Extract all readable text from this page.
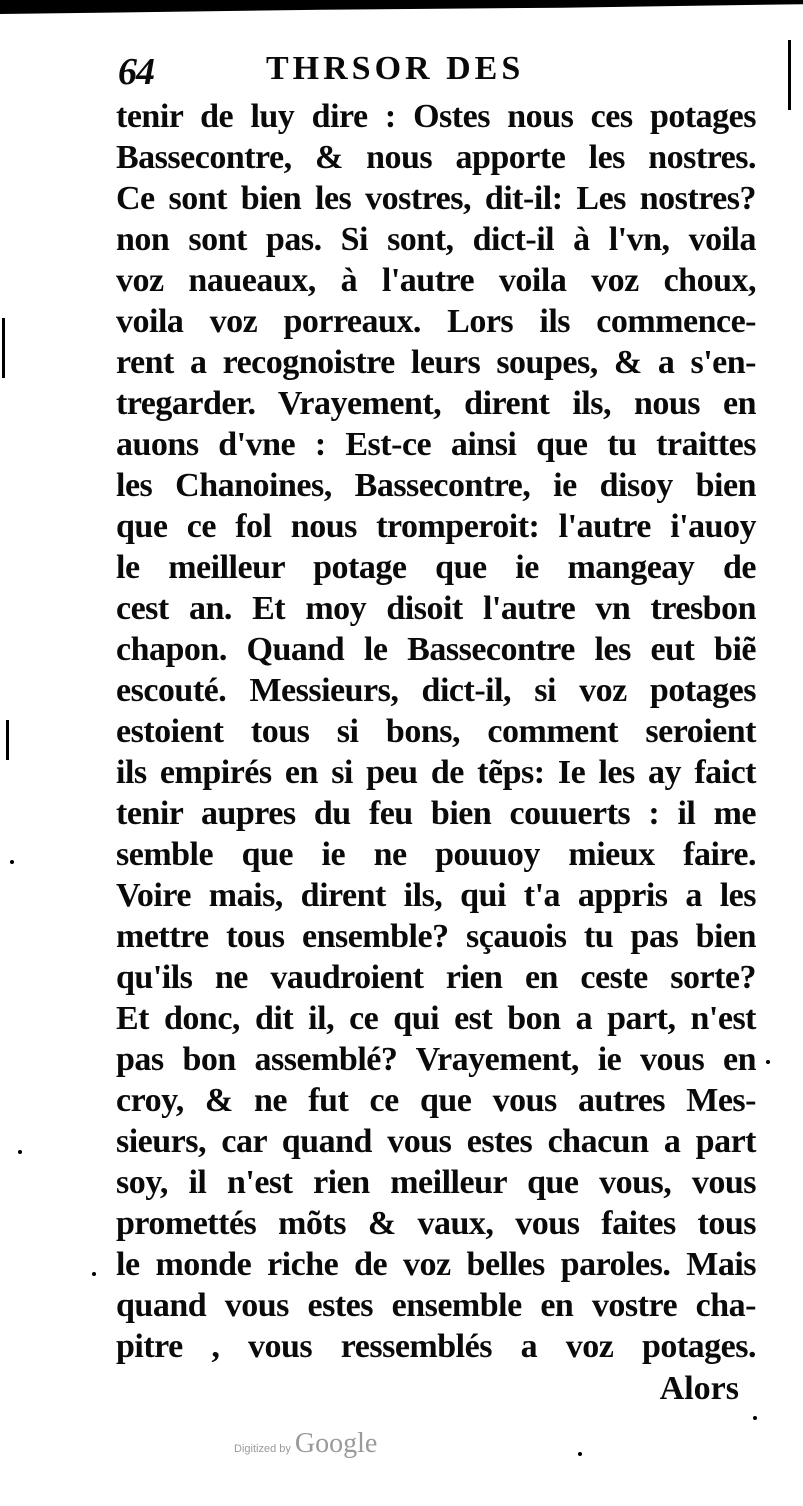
64	THRSOR DES
tenir de luy dire : Ostes nous ces potages
Bassecontre, & nous apporte les nostres.
Ce sont bien les vostres, dit-il: Les nostres?
non sont pas. Si sont, dict-il à l'vn, voila
voz naueaux, à l'autre voila voz choux,
voila voz porreaux. Lors ils commence-
rent a recognoistre leurs soupes, & a s'en-
tregarder. Vrayement, dirent ils, nous en
auons d'vne : Est-ce ainsi que tu traittes
les Chanoines, Bassecontre, ie disoy bien
que ce fol nous tromperoit: l'autre i'auoy
le meilleur potage que ie mangeay de
cest an. Et moy disoit l'autre vn tresbon
chapon. Quand le Bassecontre les eut biẽ
escouté. Messieurs, dict-il, si voz potages
estoient tous si bons, comment seroient
ils empirés en si peu de tẽps: Ie les ay faict
tenir aupres du feu bien couuerts : il me
semble que ie ne pouuoy mieux faire.
Voire mais, dirent ils, qui t'a appris a les
mettre tous ensemble? sçauois tu pas bien
qu'ils ne vaudroient rien en ceste sorte?
Et donc, dit il, ce qui est bon a part, n'est
pas bon assemblé? Vrayement, ie vous en
croy, & ne fut ce que vous autres Mes-
sieurs, car quand vous estes chacun a part
soy, il n'est rien meilleur que vous, vous
promettés mõts & vaux, vous faites tous
le monde riche de voz belles paroles. Mais
quand vous estes ensemble en vostre cha-
pitre , vous ressemblés a voz potages.
Alors
Digitized by Google
